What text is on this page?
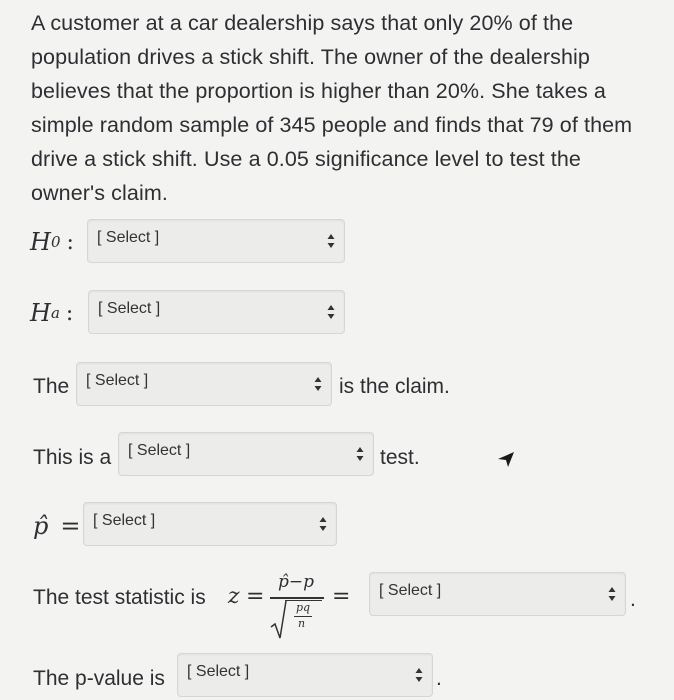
A customer at a car dealership says that only 20% of the population drives a stick shift. The owner of the dealership believes that the proportion is higher than 20%. She takes a simple random sample of 345 people and finds that 79 of them drive a stick shift. Use a 0.05 significance level to test the owner's claim.
H 0 : [ Select ]
H a : [ Select ]
The [ Select ]	is the claim.
This is a [ Select ]	test.
p̂ = [ Select ]
The test statistic is z =
p̂−p
pq
n
= [ Select ]	.
The p-value is [ Select ]	.
